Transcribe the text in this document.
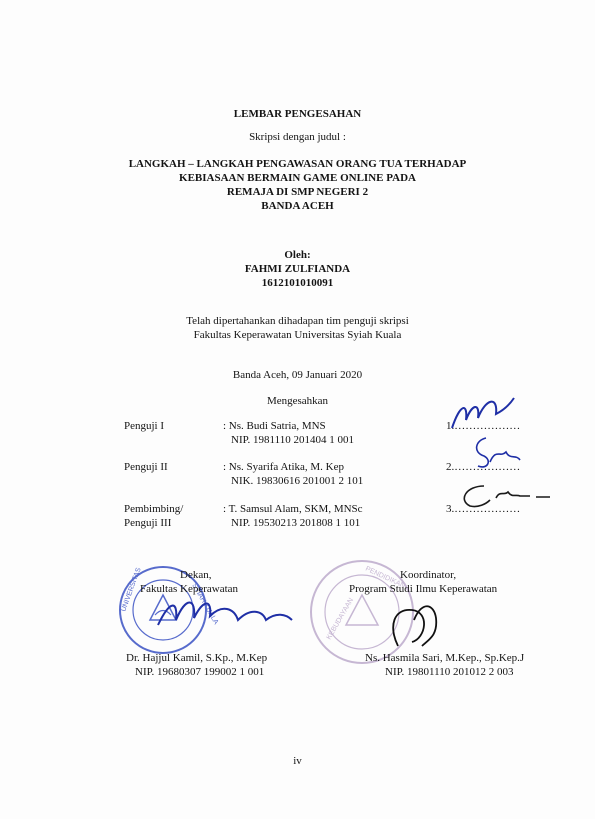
LEMBAR PENGESAHAN
Skripsi dengan judul :
LANGKAH – LANGKAH PENGAWASAN ORANG TUA TERHADAP
KEBIASAAN BERMAIN GAME ONLINE PADA
REMAJA DI SMP NEGERI 2
BANDA ACEH
Oleh:
FAHMI ZULFIANDA
1612101010091
Telah dipertahankan dihadapan tim penguji skripsi
Fakultas Keperawatan Universitas Syiah Kuala
Banda Aceh, 09 Januari 2020
Mengesahkan
Penguji I	: Ns. Budi Satria, MNS
NIP. 1981110 201404 1 001
1.………………
Penguji II	: Ns. Syarifa Atika, M. Kep
NIK. 19830616 201001 2 101
2.………………
Pembimbing/
Penguji III
: T. Samsul Alam, SKM, MNSc
NIP. 19530213 201808 1 101
3.………………
UNIVERSITAS	SYIAH KUALA	KEBUDAYAAN
PENDIDIKAN
Dekan,
Fakultas Keperawatan
Dr. Hajjul Kamil, S.Kp., M.Kep
NIP. 19680307 199002 1 001
Koordinator,
Program Studi Ilmu Keperawatan
Ns. Hasmila Sari, M.Kep., Sp.Kep.J
NIP. 19801110 201012 2 003
iv
